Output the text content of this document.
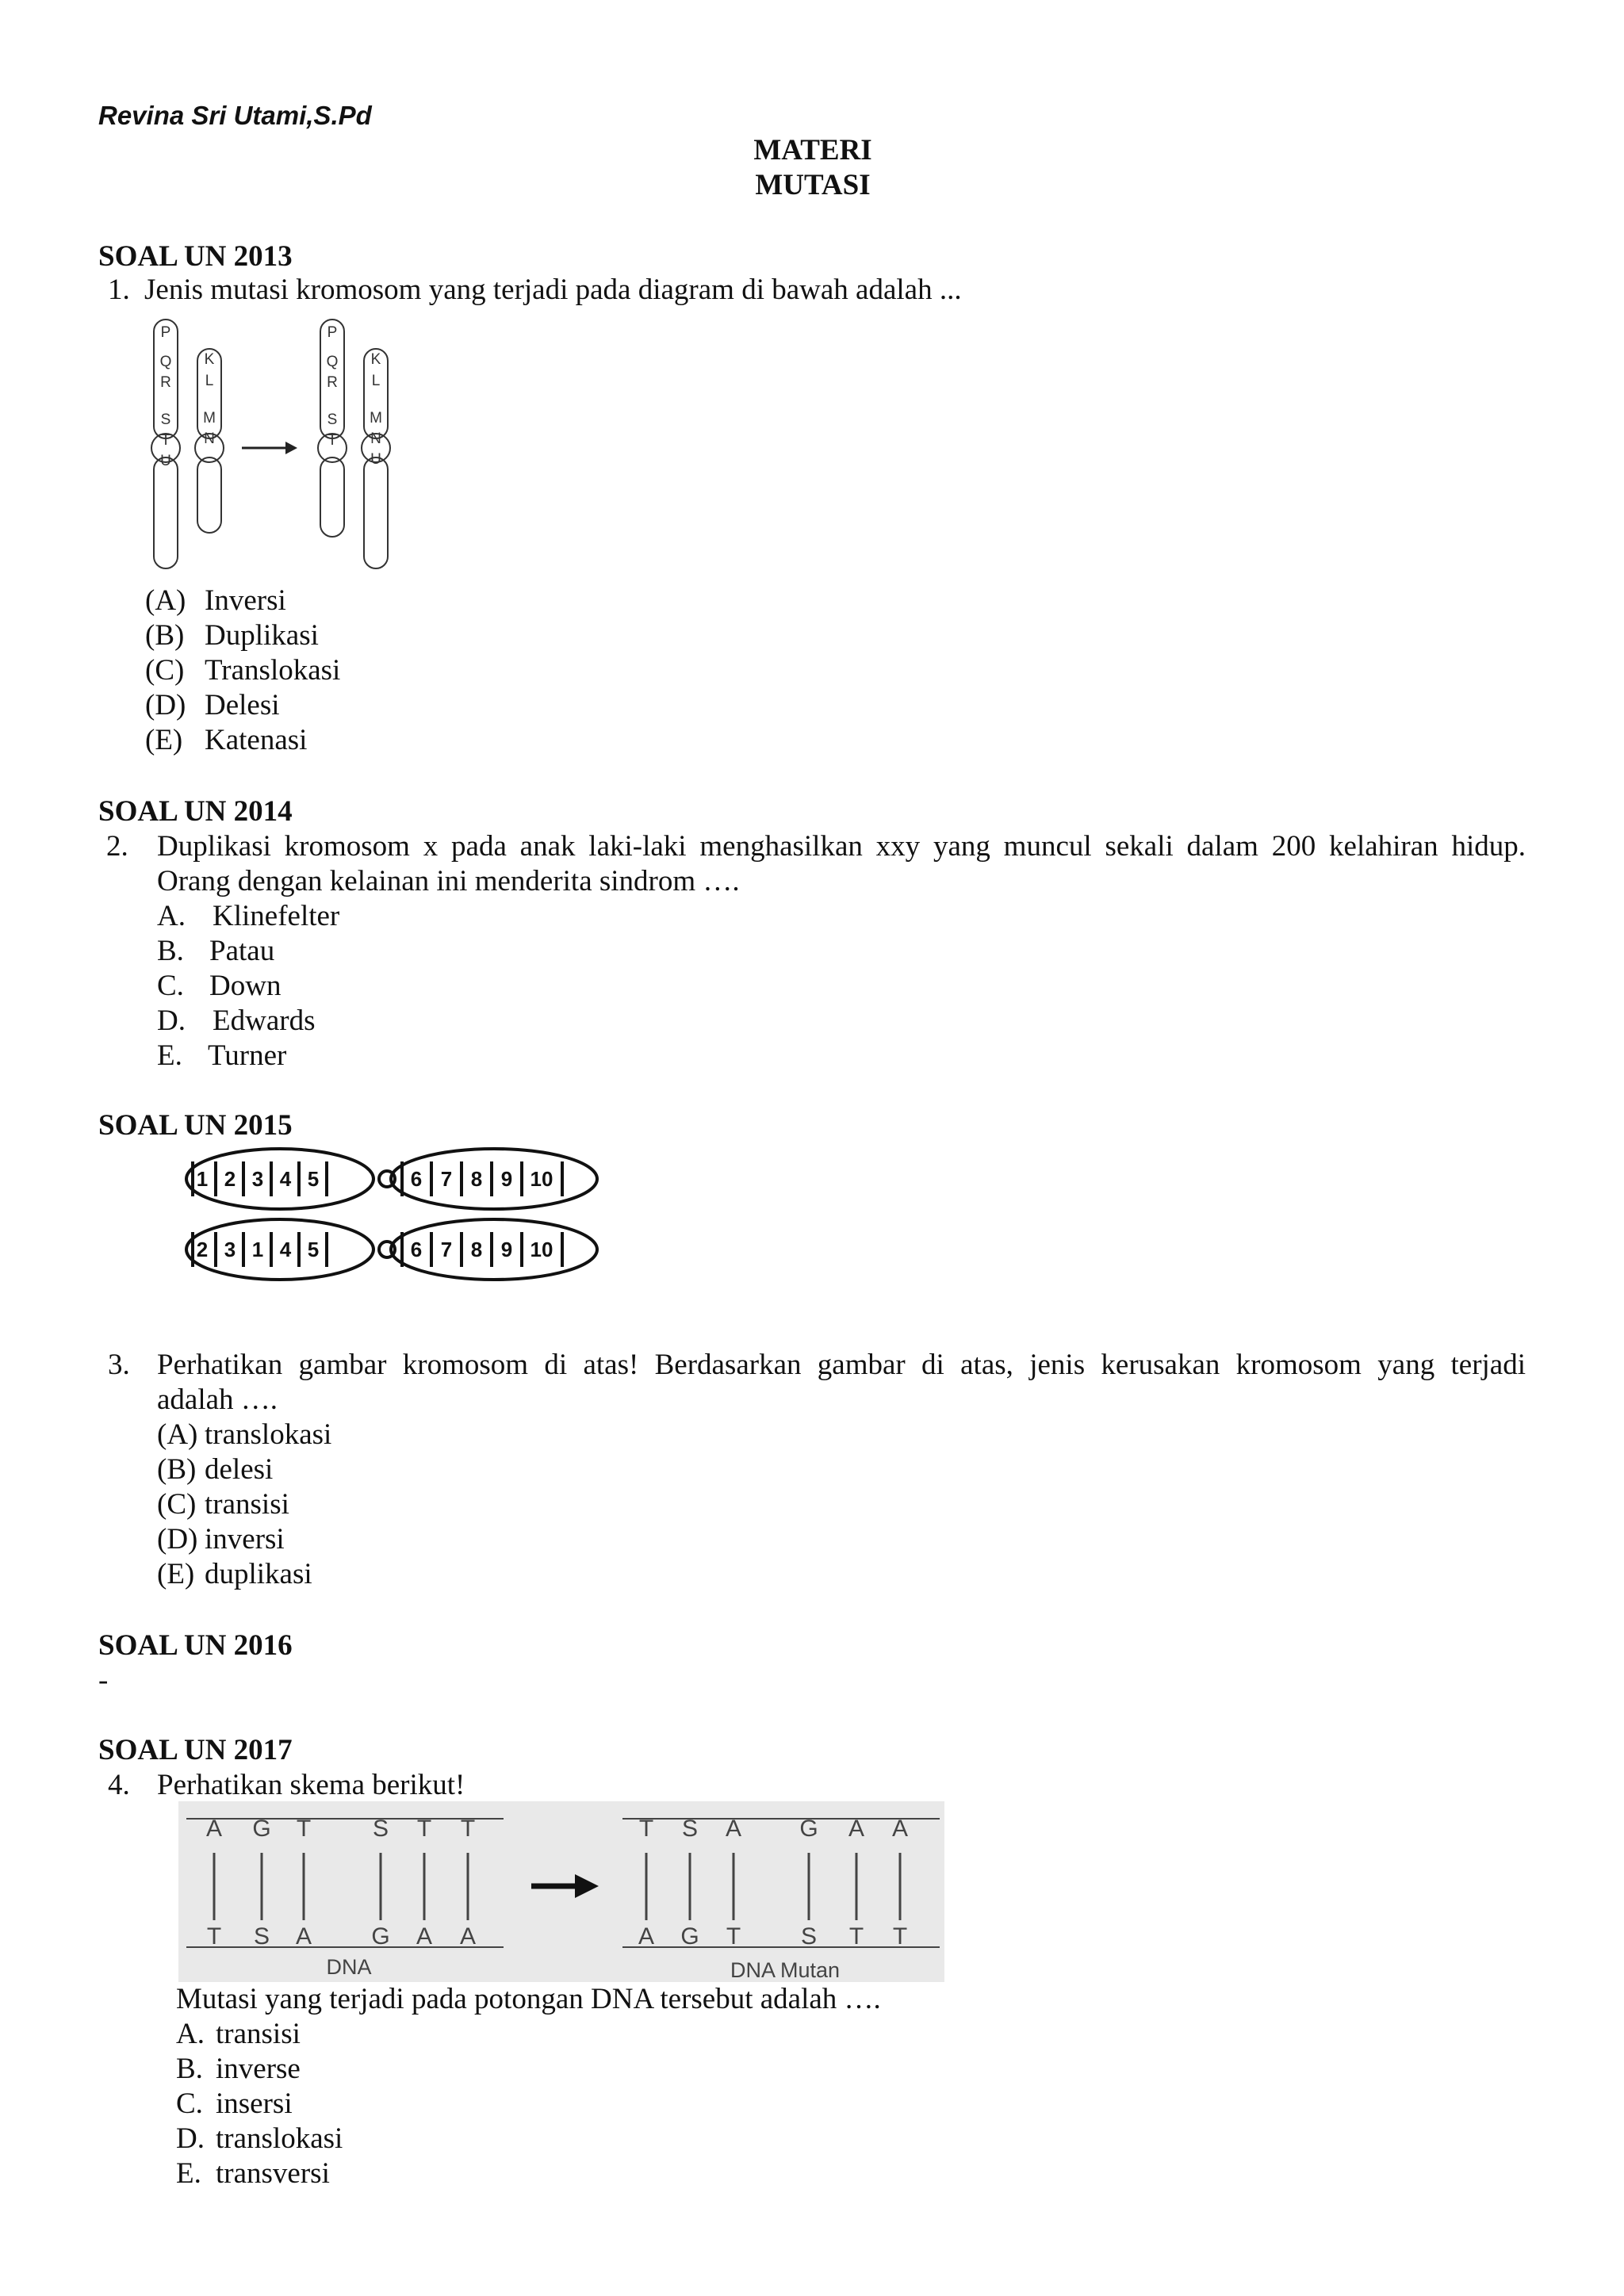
Revina Sri Utami,S.Pd
MATERI
MUTASI
SOAL UN 2013
1. Jenis mutasi kromosom yang terjadi pada diagram di bawah adalah ...
P
Q
R
S
T
U
K
L
M
N
P
Q
R
S
T
K
L
M
N
U
(A) Inversi
(B) Duplikasi
(C) Translokasi
(D) Delesi
(E) Katenasi
SOAL UN 2014
2. Duplikasi kromosom x pada anak laki-laki menghasilkan xxy yang muncul sekali dalam 200 kelahiran hidup.
Orang dengan kelainan ini menderita sindrom ….
A. Klinefelter
B. Patau
C. Down
D. Edwards
E. Turner
SOAL UN 2015
1 2 3 4 5	6 7 8 9 10
2 3 1 4 5	6 7 8 9 10
3. Perhatikan gambar kromosom di atas! Berdasarkan gambar di atas, jenis kerusakan kromosom yang terjadi
adalah ….
(A) translokasi
(B) delesi
(C) transisi
(D) inversi
(E) duplikasi
SOAL UN 2016
-
SOAL UN 2017
4. Perhatikan skema berikut!
A G T	S T T
T S A	G A A
T S A G A A
A G T	S T T
DNA	DNA Mutan
Mutasi yang terjadi pada potongan DNA tersebut adalah ….
A. transisi
B. inverse
C. insersi
D. translokasi
E. transversi
